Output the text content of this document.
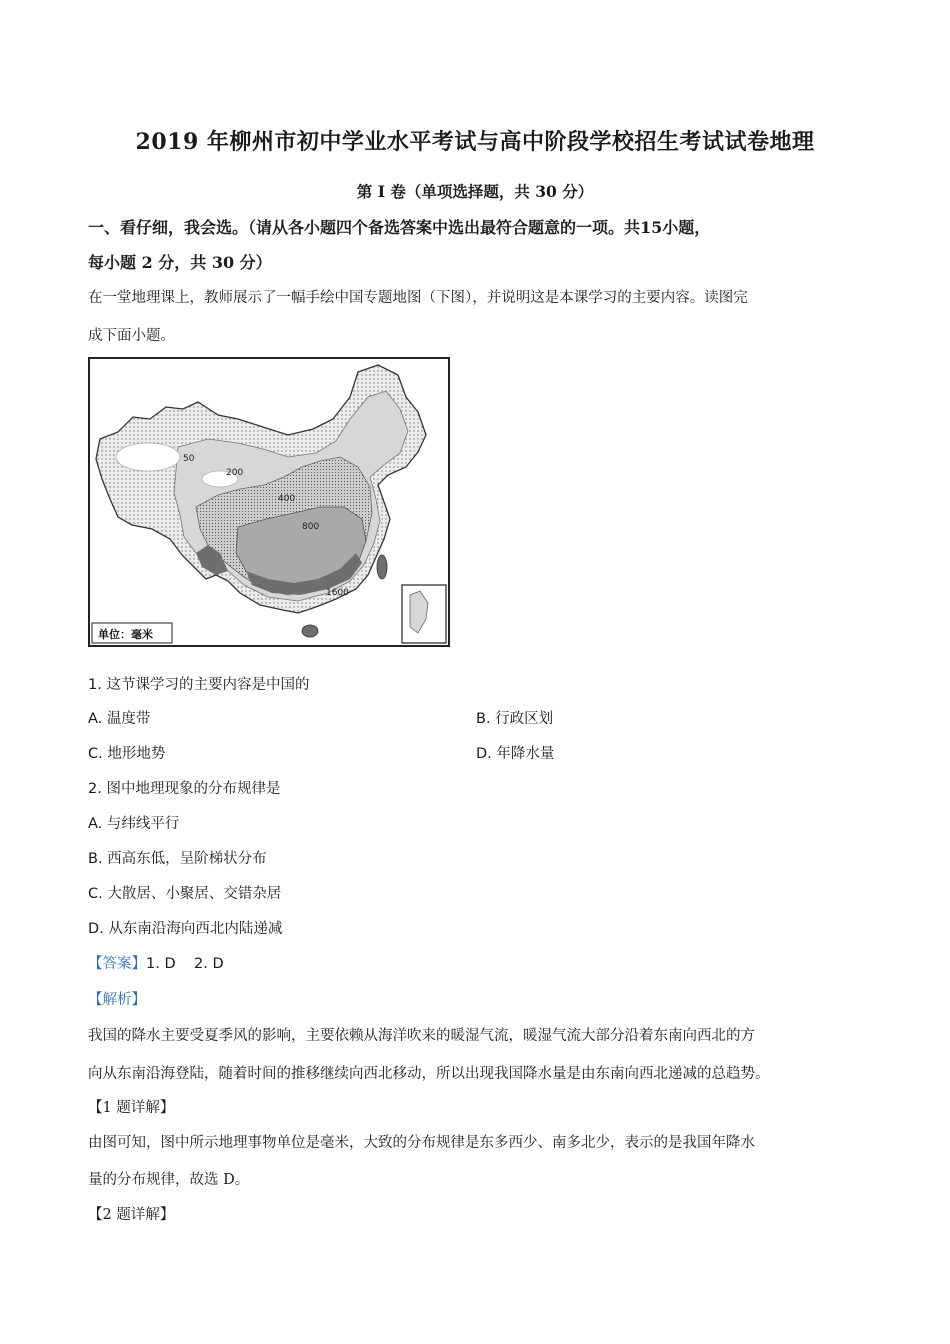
2019 年柳州市初中学业水平考试与高中阶段学校招生考试试卷地理
第 I 卷（单项选择题，共 30 分）
一、看仔细，我会选。（请从各小题四个备选答案中选出最符合题意的一项。共15小题，
每小题 2 分，共 30 分）
在一堂地理课上，教师展示了一幅手绘中国专题地图（下图），并说明这是本课学习的主要内容。读图完
成下面小题。
50
200
400
800
1600
单位：毫米
1. 这节课学习的主要内容是中国的
A. 温度带	B. 行政区划
C. 地形地势	D. 年降水量
2. 图中地理现象的分布规律是
A. 与纬线平行
B. 西高东低，呈阶梯状分布
C. 大散居、小聚居、交错杂居
D. 从东南沿海向西北内陆递减
【答案】1. D    2. D
【解析】
我国的降水主要受夏季风的影响，主要依赖从海洋吹来的暖湿气流，暖湿气流大部分沿着东南向西北的方
向从东南沿海登陆，随着时间的推移继续向西北移动，所以出现我国降水量是由东南向西北递减的总趋势。
【1 题详解】
由图可知，图中所示地理事物单位是毫米，大致的分布规律是东多西少、南多北少，表示的是我国年降水
量的分布规律，故选 D。
【2 题详解】
